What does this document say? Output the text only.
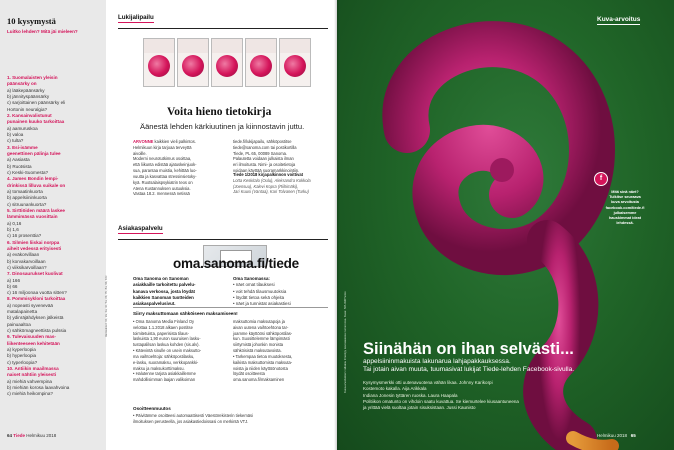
10 kysymystä
Luitko lehden? Mitä jäi mieleen?
1. Suomalaisten yleisin
päänsärky on
a) lääkepäänsärky
b) jännityspäänsärky
c) sarjoittainen päänsärky eli
Hortonin neuralgia?
2. Kansainvalistunut
punainen kuuko tarkoittaa
a) aamuruskoa
b) valoa
c) tulta?
3. Esi-isämme
geenettinen pälinja tulee
a) Aasiasta
b) Ruotsista
c) Keski-Suomesta?
4. James Bondin lempi-
drinkissä lilluva suikale on
a) tomaatinkuorta
b) appelsiininkuorta
c) sitruunankuorta?
5. Sirttiöiden määrä laskee
lämmimässä vuosittain
a) 0,16
b) 1,6
c) 16 prosenttia?
6. Silmien liiskai norppa
aiheit vedessä erityisesti
a) eväkorvillaan
b) korvakarvoillaan
c) viiksikarvoillaan?
7. Dinosaurukset kuolivat
a) 166
b) 66
c) 16 miljoonaa vuotta sitten?
8. Pommisykloni tarkoittaa
a) nopeasti syvenevää
matalapainetta
b) ydinräjähdyksen jälkeistä
painuaaltoa
c) sähkömagneettista pulssia
9. Tulevaisuuden mas-
liikenteeseen kehitetään
a) kyperloopia
b) hyperloopia
c) typerloopia?
10. Antiikin maailmassa
naiset nähtiin yleisesti
a) miehiä vahvempina
b) miehiän korosa laavahvoina
c) miehiä heikompina?
Vastaukset: 1b, 2a, 3a, 4c, 5a, 6b, 7b, 8a, 9b, 10c
64 Tiede Helmikuu 2018
Lukijalipailu
Voita hieno tietokirja
Äänestä lehden kärkiuutinen ja kiinnostavin juttu.
ARVONNE kaikkien vieli palkintos.
Helmikuun kirja tarjoaa terveyttä
aivoille.
Moderni neurotutkimus osoittaa,
että liikunta edistää ajatuskeinjuok-
sua, parantaa muistia, kehittää luo-
vuutta ja kasvattaa stressinsietoky-
kyä. Ruotsalaispsykiatrin teos on
Atena Kustannuksen uutuuksia.
Vastaa 18.2. mennessä netissä
tiede.fi/lukijapailu, sähköpostitse
tiede@sanoma.com tai postikortilla
Tiede, PL 65, 00089 Sanoma.
Palautetta voidaan julkaista ilman
eri ilmoitusta. Nimi- ja osoitetietoja
voidaan käyttää suoramarkkinointiin.
Tiede 1/2018 kirjapalkinnon voittivat
Lotta Keskitalo (Oulu), Aleksandra Kokkola
(Joensuu), Kalevi Kopra (Riihimäki),
Jari Kuusi (Vantaa), Kari Tolvanen (Turku)
Asiakaspalvelu
oma.sanoma.fi/tiede
Oma Sanoma on Sanoman
asiakkaille tarkoitettu palvelu-
kanava verkossa, josta löydät
kaikkien Sanoman tuotteiden
asiakaspalvelusivut.
Oma Sanomassa:
• näet omat tilauksesi
• voit tehdä tilausmuutoksia
• löydät tietoa sekä ohjeita
• näet ja tunnistat asiakastiesi
Siirry maksuttomaan sähköiseen maksamiseen!
• Oma Sanoma Media Finland Oy
velottaa 1.1.2018 alkaen postitse
toimitetuista, paperisista tilaus-
laskuista 1,90 euron suuruisen lasku-
tustapalilsan laskua kohden (sis.alv).
• Kätevintä sinulle on usein maksutto-
ma vaihtoehtoja: sähköpostilasku,
e-lasku, suoramaksu, verkkopankki-
maksu ja maksukorttimaksu.
• Halutenne tarjota asiakkaillemme
mahdollisimman laajan valikoiman
maksuttomia maksutapoja ja
aivan uutena vaihtoehtona tar-
joamme käyttöösi sähköpostilas-
kun. Suosittelemme lämpimästi
siirtymistä johonkin monista
sähköisistä maksutavoista.
• Tarkempaa tietoa muutoksesta,
kaikista maksuttomista maksuta-
voista ja niiden käyttöönotosta
löydät osoitteesta
oma.sanoma.fi/maksaminen
Osoitteenmuutos
• Päivitämme osoitteesi automaattisesti Väestörekisterin tiekemäsi
ilmoituksen perusteella, jos asiakastiedoissasi on merkintä VTJ.
Kuva-arvoitus
Kuva-arvoituksen ratkaisu ilmestyy seuraavassa numerossa. Kuva: SPL/AllPhotos
f
Mitä sinä näet?
Tulkitse seuraava
kuva arvoitusta
facebook.com/tiede.fi
julkaisemme
hauskimmat ideat
lehdessä.
Siinähän on ihan selvästi...
appelsiininmakuista lakunarua lahjapakkauksessa.
Tai jotain aivan muuta, tuumasivat lukijat Tiede-lehden Facebook-sivulla.
Kysymysmerkki otti uutenavuotena vähän likaa. Johnny Karikorpi
Kostemoto kakalla. Aija Arikkala
Indiana Jonesin tyttären ruoska. Laura Haapala
Politiikon omatunto on vihdoin saatu kuvattua. Se kiemurtelee kiusaantuneena
ja yrittää vielä suoltaa jotain sisuksistaan. Jussi Kaunisto
Helmikuu 2018 65
